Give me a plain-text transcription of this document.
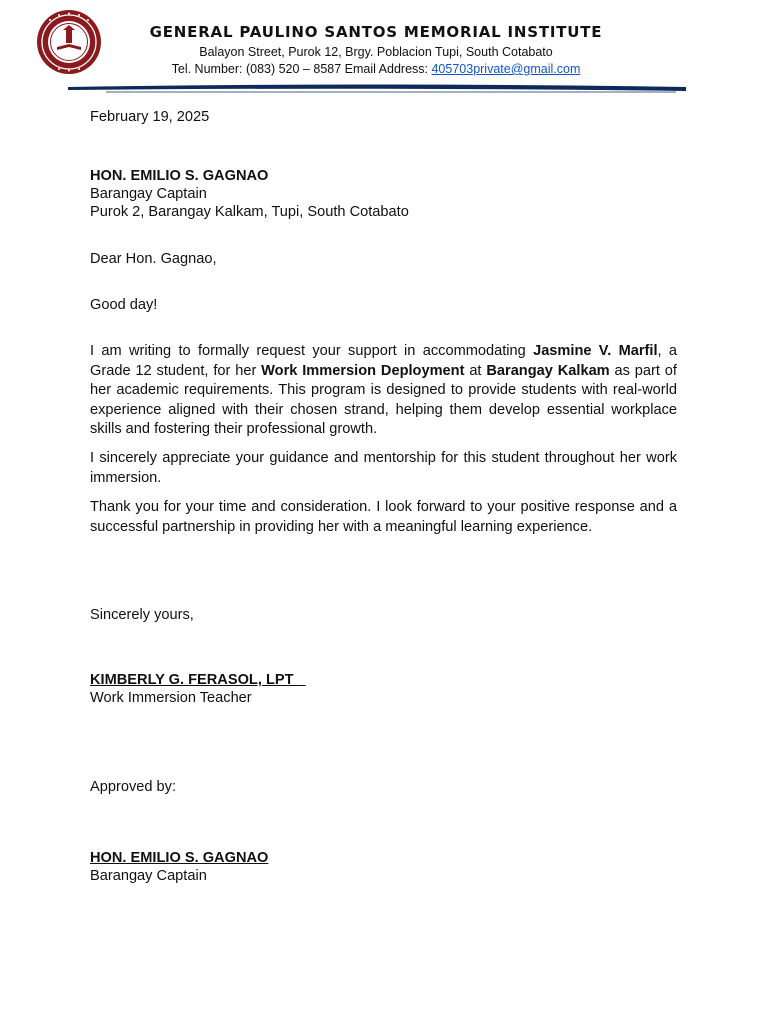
GENERAL PAULINO SANTOS MEMORIAL INSTITUTE
Balayon Street, Purok 12, Brgy. Poblacion Tupi, South Cotabato
Tel. Number: (083) 520 – 8587 Email Address: 405703private@gmail.com
February 19, 2025
HON. EMILIO S. GAGNAO
Barangay Captain
Purok 2, Barangay Kalkam, Tupi, South Cotabato
Dear Hon. Gagnao,
Good day!
I am writing to formally request your support in accommodating Jasmine V. Marfil, a Grade 12 student, for her Work Immersion Deployment at Barangay Kalkam as part of her academic requirements. This program is designed to provide students with real-world experience aligned with their chosen strand, helping them develop essential workplace skills and fostering their professional growth.
I sincerely appreciate your guidance and mentorship for this student throughout her work immersion.
Thank you for your time and consideration. I look forward to your positive response and a successful partnership in providing her with a meaningful learning experience.
Sincerely yours,
KIMBERLY G. FERASOL, LPT
Work Immersion Teacher
Approved by:
HON. EMILIO S. GAGNAO
Barangay Captain
